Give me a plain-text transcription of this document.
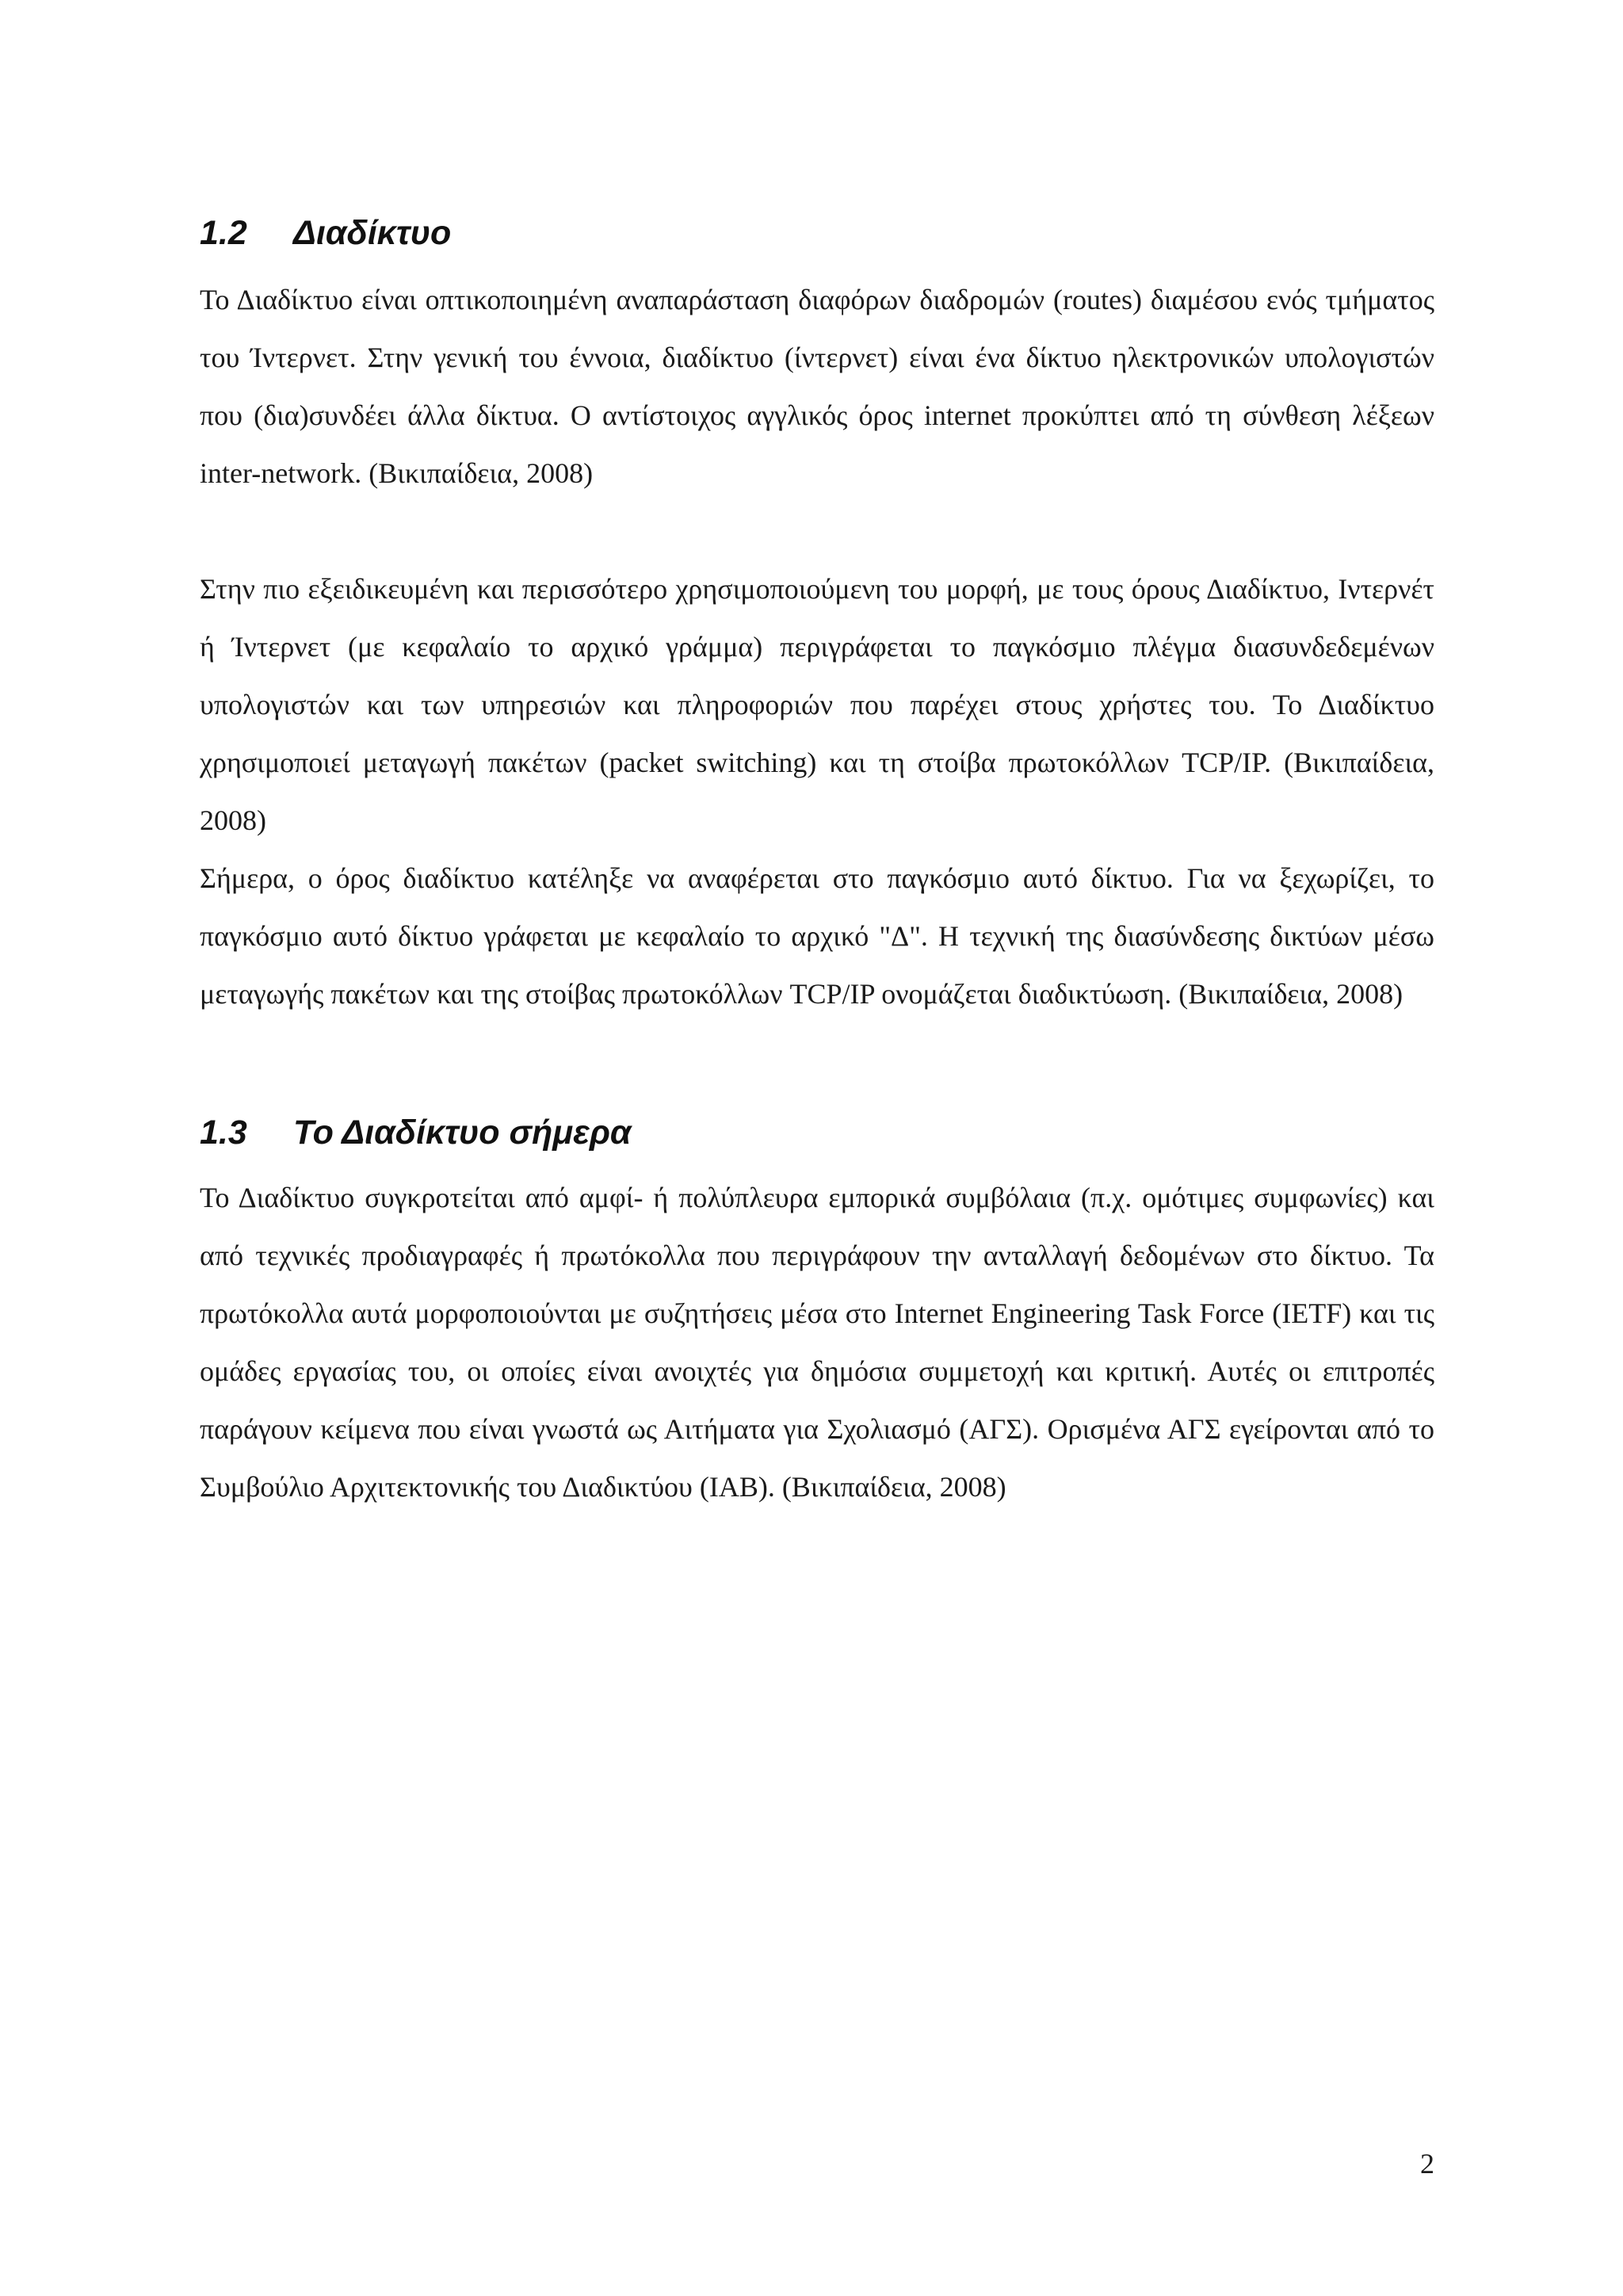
1.2 Διαδίκτυο

Το Διαδίκτυο είναι οπτικοποιημένη αναπαράσταση διαφόρων διαδρομών (routes) διαμέσου ενός τμήματος του Ίντερνετ. Στην γενική του έννοια, διαδίκτυο (ίντερνετ) είναι ένα δίκτυο ηλεκτρονικών υπολογιστών που (δια)συνδέει άλλα δίκτυα. Ο αντίστοιχος αγγλικός όρος internet προκύπτει από τη σύνθεση λέξεων inter-network. (Βικιπαίδεια, 2008)

Στην πιο εξειδικευμένη και περισσότερο χρησιμοποιούμενη του μορφή, με τους όρους Διαδίκτυο, Ιντερνέτ ή Ίντερνετ (με κεφαλαίο το αρχικό γράμμα) περιγράφεται το παγκόσμιο πλέγμα διασυνδεδεμένων υπολογιστών και των υπηρεσιών και πληροφοριών που παρέχει στους χρήστες του. Το Διαδίκτυο χρησιμοποιεί μεταγωγή πακέτων (packet switching) και τη στοίβα πρωτοκόλλων TCP/IP. (Βικιπαίδεια, 2008)

Σήμερα, ο όρος διαδίκτυο κατέληξε να αναφέρεται στο παγκόσμιο αυτό δίκτυο. Για να ξεχωρίζει, το παγκόσμιο αυτό δίκτυο γράφεται με κεφαλαίο το αρχικό "Δ". Η τεχνική της διασύνδεσης δικτύων μέσω μεταγωγής πακέτων και της στοίβας πρωτοκόλλων TCP/IP ονομάζεται διαδικτύωση. (Βικιπαίδεια, 2008)

1.3 Το Διαδίκτυο σήμερα

Το Διαδίκτυο συγκροτείται από αμφί- ή πολύπλευρα εμπορικά συμβόλαια (π.χ. ομότιμες συμφωνίες) και από τεχνικές προδιαγραφές ή πρωτόκολλα που περιγράφουν την ανταλλαγή δεδομένων στο δίκτυο. Τα πρωτόκολλα αυτά μορφοποιούνται με συζητήσεις μέσα στο Internet Engineering Task Force (IETF) και τις ομάδες εργασίας του, οι οποίες είναι ανοιχτές για δημόσια συμμετοχή και κριτική. Αυτές οι επιτροπές παράγουν κείμενα που είναι γνωστά ως Αιτήματα για Σχολιασμό (ΑΓΣ). Ορισμένα ΑΓΣ εγείρονται από το Συμβούλιο Αρχιτεκτονικής του Διαδικτύου (IAB). (Βικιπαίδεια, 2008)

2
